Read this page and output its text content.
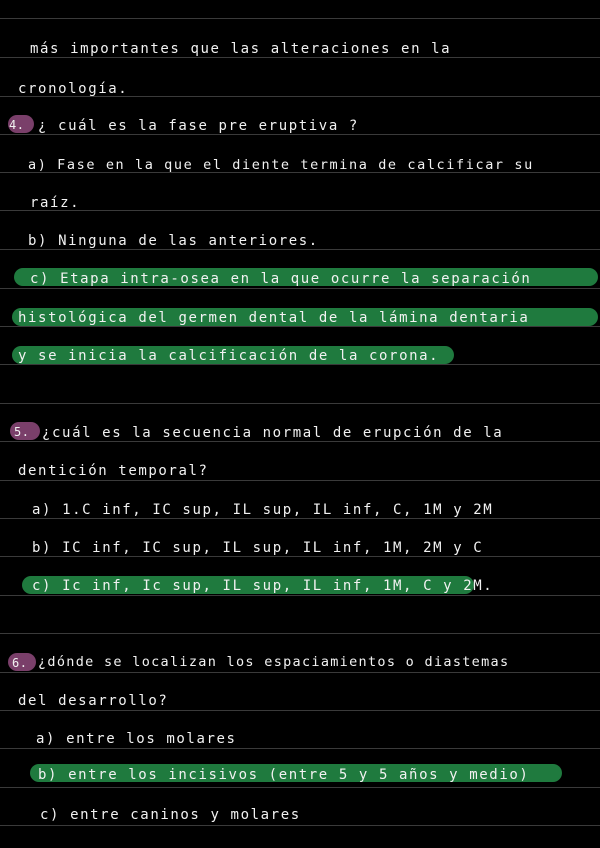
más importantes que las alteraciones en la
cronología.
4. ¿ cuál es la fase pre eruptiva ?
a) Fase en la que el diente termina de calcificar su
raíz.
b) Ninguna de las anteriores.
c) Etapa intra-osea en la que ocurre la separación
histológica del germen dental de la lámina dentaria
y se inicia la calcificación de la corona.
5. ¿cuál es la secuencia normal de erupción de la
dentición temporal?
a) 1.C inf, IC sup, IL sup, IL inf, C, 1M y 2M
b) IC inf, IC sup, IL sup, IL inf, 1M, 2M y C
c) Ic inf, Ic sup, IL sup, IL inf, 1M, C y 2M.
6. ¿dónde se localizan los espaciamientos o diastemas
del desarrollo?
a) entre los molares
b) entre los incisivos (entre 5 y 5 años y medio)
c) entre caninos y molares
